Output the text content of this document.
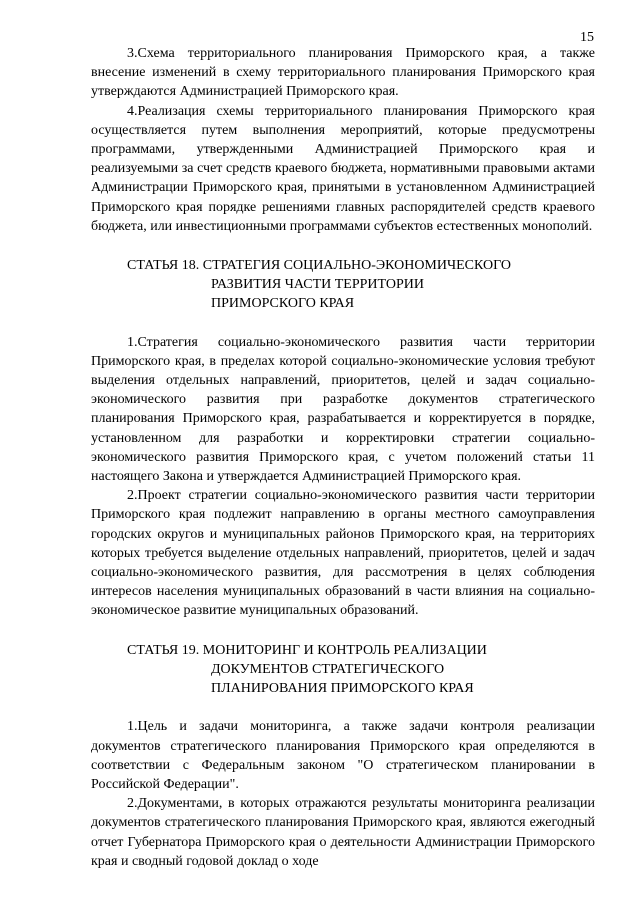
15

3.Схема территориального планирования Приморского края, а также внесение изменений в схему территориального планирования Приморского края утверждаются Администрацией Приморского края.

4.Реализация схемы территориального планирования Приморского края осуществляется путем выполнения мероприятий, которые предусмотрены программами, утвержденными Администрацией Приморского края и реализуемыми за счет средств краевого бюджета, нормативными правовыми актами Администрации Приморского края, принятыми в установленном Администрацией Приморского края порядке решениями главных распорядителей средств краевого бюджета, или инвестиционными программами субъектов естественных монополий.

СТАТЬЯ 18. СТРАТЕГИЯ СОЦИАЛЬНО-ЭКОНОМИЧЕСКОГО
РАЗВИТИЯ ЧАСТИ ТЕРРИТОРИИ
ПРИМОРСКОГО КРАЯ

1.Стратегия социально-экономического развития части территории Приморского края, в пределах которой социально-экономические условия требуют выделения отдельных направлений, приоритетов, целей и задач социально-экономического развития при разработке документов стратегического планирования Приморского края, разрабатывается и корректируется в порядке, установленном для разработки и корректировки стратегии социально-экономического развития Приморского края, с учетом положений статьи 11 настоящего Закона и утверждается Администрацией Приморского края.

2.Проект стратегии социально-экономического развития части территории Приморского края подлежит направлению в органы местного самоуправления городских округов и муниципальных районов Приморского края, на территориях которых требуется выделение отдельных направлений, приоритетов, целей и задач социально-экономического развития, для рассмотрения в целях соблюдения интересов населения муниципальных образований в части влияния на социально-экономическое развитие муниципальных образований.

СТАТЬЯ 19. МОНИТОРИНГ И КОНТРОЛЬ РЕАЛИЗАЦИИ
ДОКУМЕНТОВ СТРАТЕГИЧЕСКОГО
ПЛАНИРОВАНИЯ ПРИМОРСКОГО КРАЯ

1.Цель и задачи мониторинга, а также задачи контроля реализации документов стратегического планирования Приморского края определяются в соответствии с Федеральным законом "О стратегическом планировании в Российской Федерации".

2.Документами, в которых отражаются результаты мониторинга реализации документов стратегического планирования Приморского края, являются ежегодный отчет Губернатора Приморского края о деятельности Администрации Приморского края и сводный годовой доклад о ходе
